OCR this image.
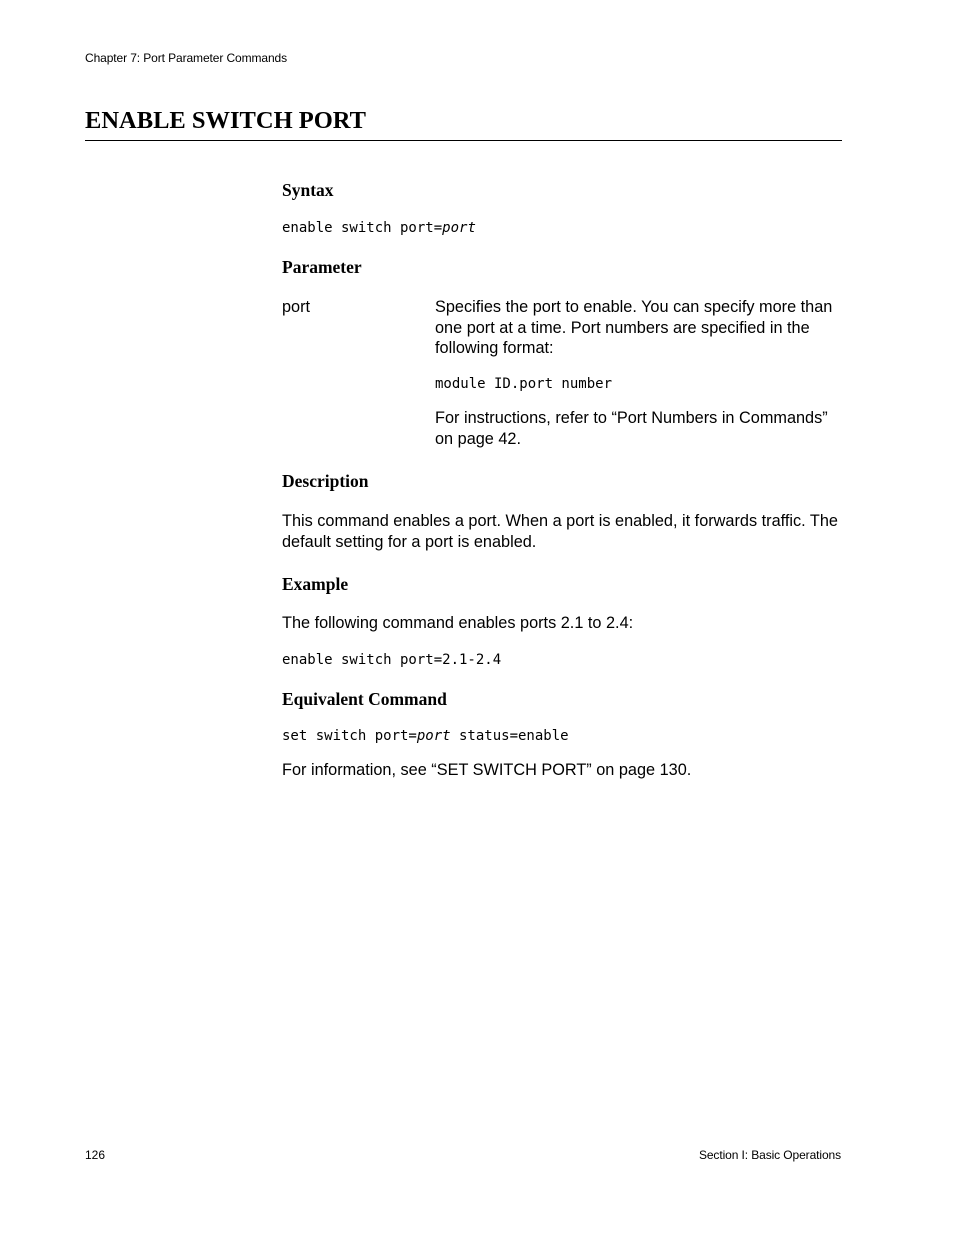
Chapter 7: Port Parameter Commands
ENABLE SWITCH PORT
Syntax
enable switch port=port
Parameter
port	Specifies the port to enable. You can specify more than one port at a time. Port numbers are specified in the following format:

module ID.port number

For instructions, refer to “Port Numbers in Commands” on page 42.

Description

This command enables a port. When a port is enabled, it forwards traffic. The default setting for a port is enabled.

Example

The following command enables ports 2.1 to 2.4:

enable switch port=2.1-2.4
Equivalent Command
set switch port=port status=enable

For information, see “SET SWITCH PORT” on page 130.

126	Section I: Basic Operations
